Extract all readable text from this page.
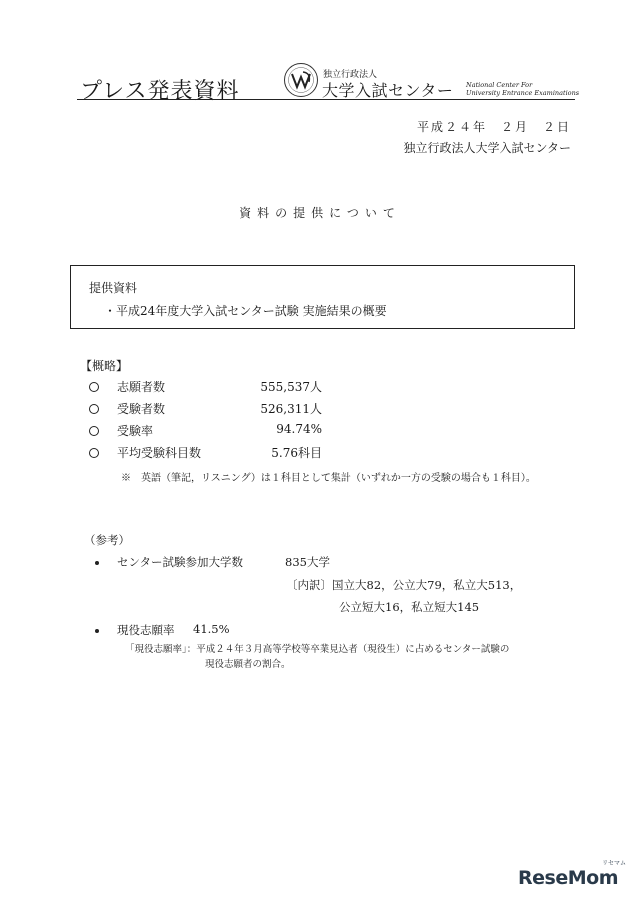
プレス発表資料
独立行政法人
大学入試センター National Center For
University Entrance Examinations
平成２４年　２月　２日
独立行政法人大学入試センター
資料の提供について
提供資料
・平成24年度大学入試センター試験 実施結果の概要
【概略】
志願者数	555,537人
受験者数	526,311人
受験率	94.74%
平均受験科目数	5.76科目
※　英語（筆記，リスニング）は１科目として集計（いずれか一方の受験の場合も１科目）。
（参考）
センター試験参加大学数	835大学
〔内訳〕国立大82，公立大79，私立大513，
公立短大16，私立短大145
現役志願率 41.5%
「現役志願率」：平成２４年３月高等学校等卒業見込者（現役生）に占めるセンター試験の
現役志願者の割合。
リセマム
ReseMom
